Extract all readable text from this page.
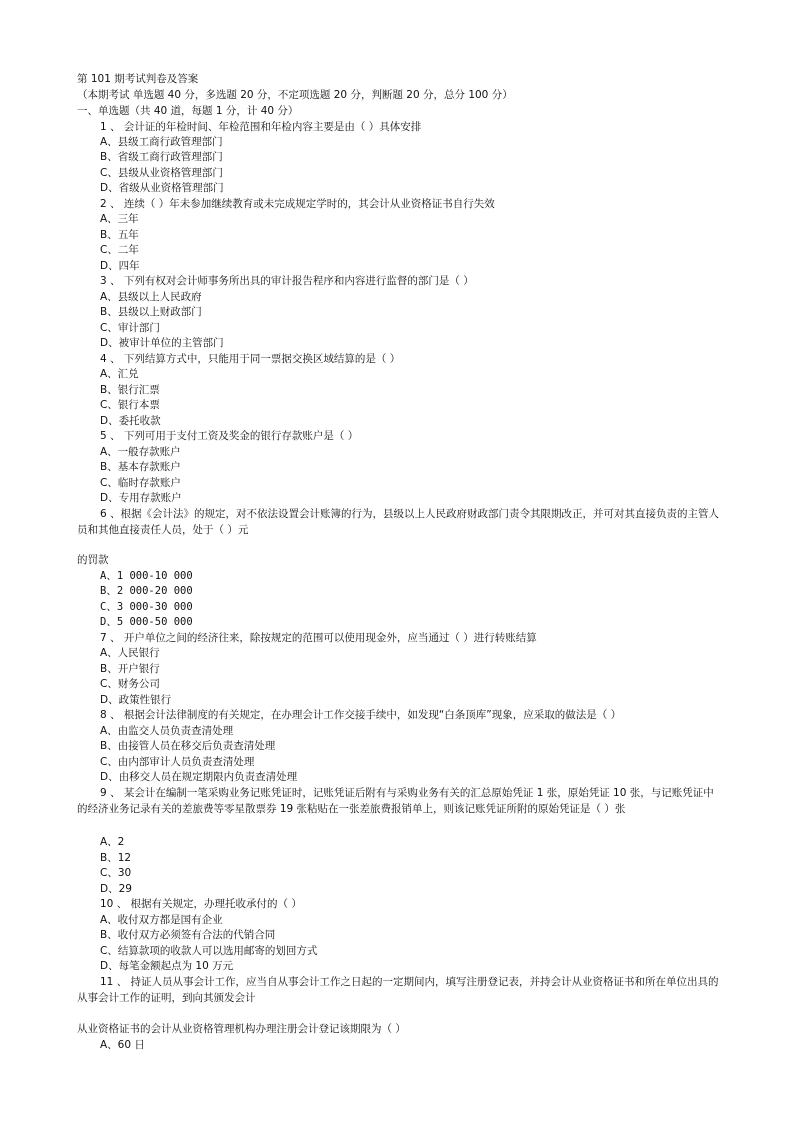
第 101 期考试判卷及答案
（本期考试 单选题 40 分，多选题 20 分，不定项选题 20 分，判断题 20 分，总分 100 分）
一、单选题（共 40 道，每题 1 分，计 40 分）
1 、 会计证的年检时间、年检范围和年检内容主要是由（ ）具体安排
A、县级工商行政管理部门
B、省级工商行政管理部门
C、县级从业资格管理部门
D、省级从业资格管理部门
2 、 连续（ ）年未参加继续教育或未完成规定学时的，其会计从业资格证书自行失效
A、三年
B、五年
C、二年
D、四年
3 、 下列有权对会计师事务所出具的审计报告程序和内容进行监督的部门是（ ）
A、县级以上人民政府
B、县级以上财政部门
C、审计部门
D、被审计单位的主管部门
4 、 下列结算方式中，只能用于同一票据交换区域结算的是（ ）
A、汇兑
B、银行汇票
C、银行本票
D、委托收款
5 、 下列可用于支付工资及奖金的银行存款账户是（ ）
A、一般存款账户
B、基本存款账户
C、临时存款账户
D、专用存款账户
6 、根据《会计法》的规定，对不依法设置会计账簿的行为，县级以上人民政府财政部门责令其限期改正，并可对其直接负责的主管人员和其他直接责任人员，处于（ ）元
的罚款
A、1 000-10 000
B、2 000-20 000
C、3 000-30 000
D、5 000-50 000
7 、 开户单位之间的经济往来，除按规定的范围可以使用现金外，应当通过（ ）进行转账结算
A、人民银行
B、开户银行
C、财务公司
D、政策性银行
8 、 根据会计法律制度的有关规定，在办理会计工作交接手续中，如发现“白条顶库”现象，应采取的做法是（ ）
A、由监交人员负责查清处理
B、由接管人员在移交后负责查清处理
C、由内部审计人员负责查清处理
D、由移交人员在规定期限内负责查清处理
9 、 某会计在编制一笔采购业务记账凭证时，记账凭证后附有与采购业务有关的汇总原始凭证 1 张，原始凭证 10 张，与记账凭证中的经济业务记录有关的差旅费等零星散票券 19 张粘贴在一张差旅费报销单上，则该记账凭证所附的原始凭证是（ ）张
A、2
B、12
C、30
D、29
10 、 根据有关规定，办理托收承付的（ ）
A、收付双方都是国有企业
B、收付双方必须签有合法的代销合同
C、结算款项的收款人可以选用邮寄的划回方式
D、每笔金额起点为 10 万元
11 、 持证人员从事会计工作，应当自从事会计工作之日起的一定期间内，填写注册登记表，并持会计从业资格证书和所在单位出具的从事会计工作的证明，到向其颁发会计
从业资格证书的会计从业资格管理机构办理注册会计登记该期限为（ ）
A、60 日
